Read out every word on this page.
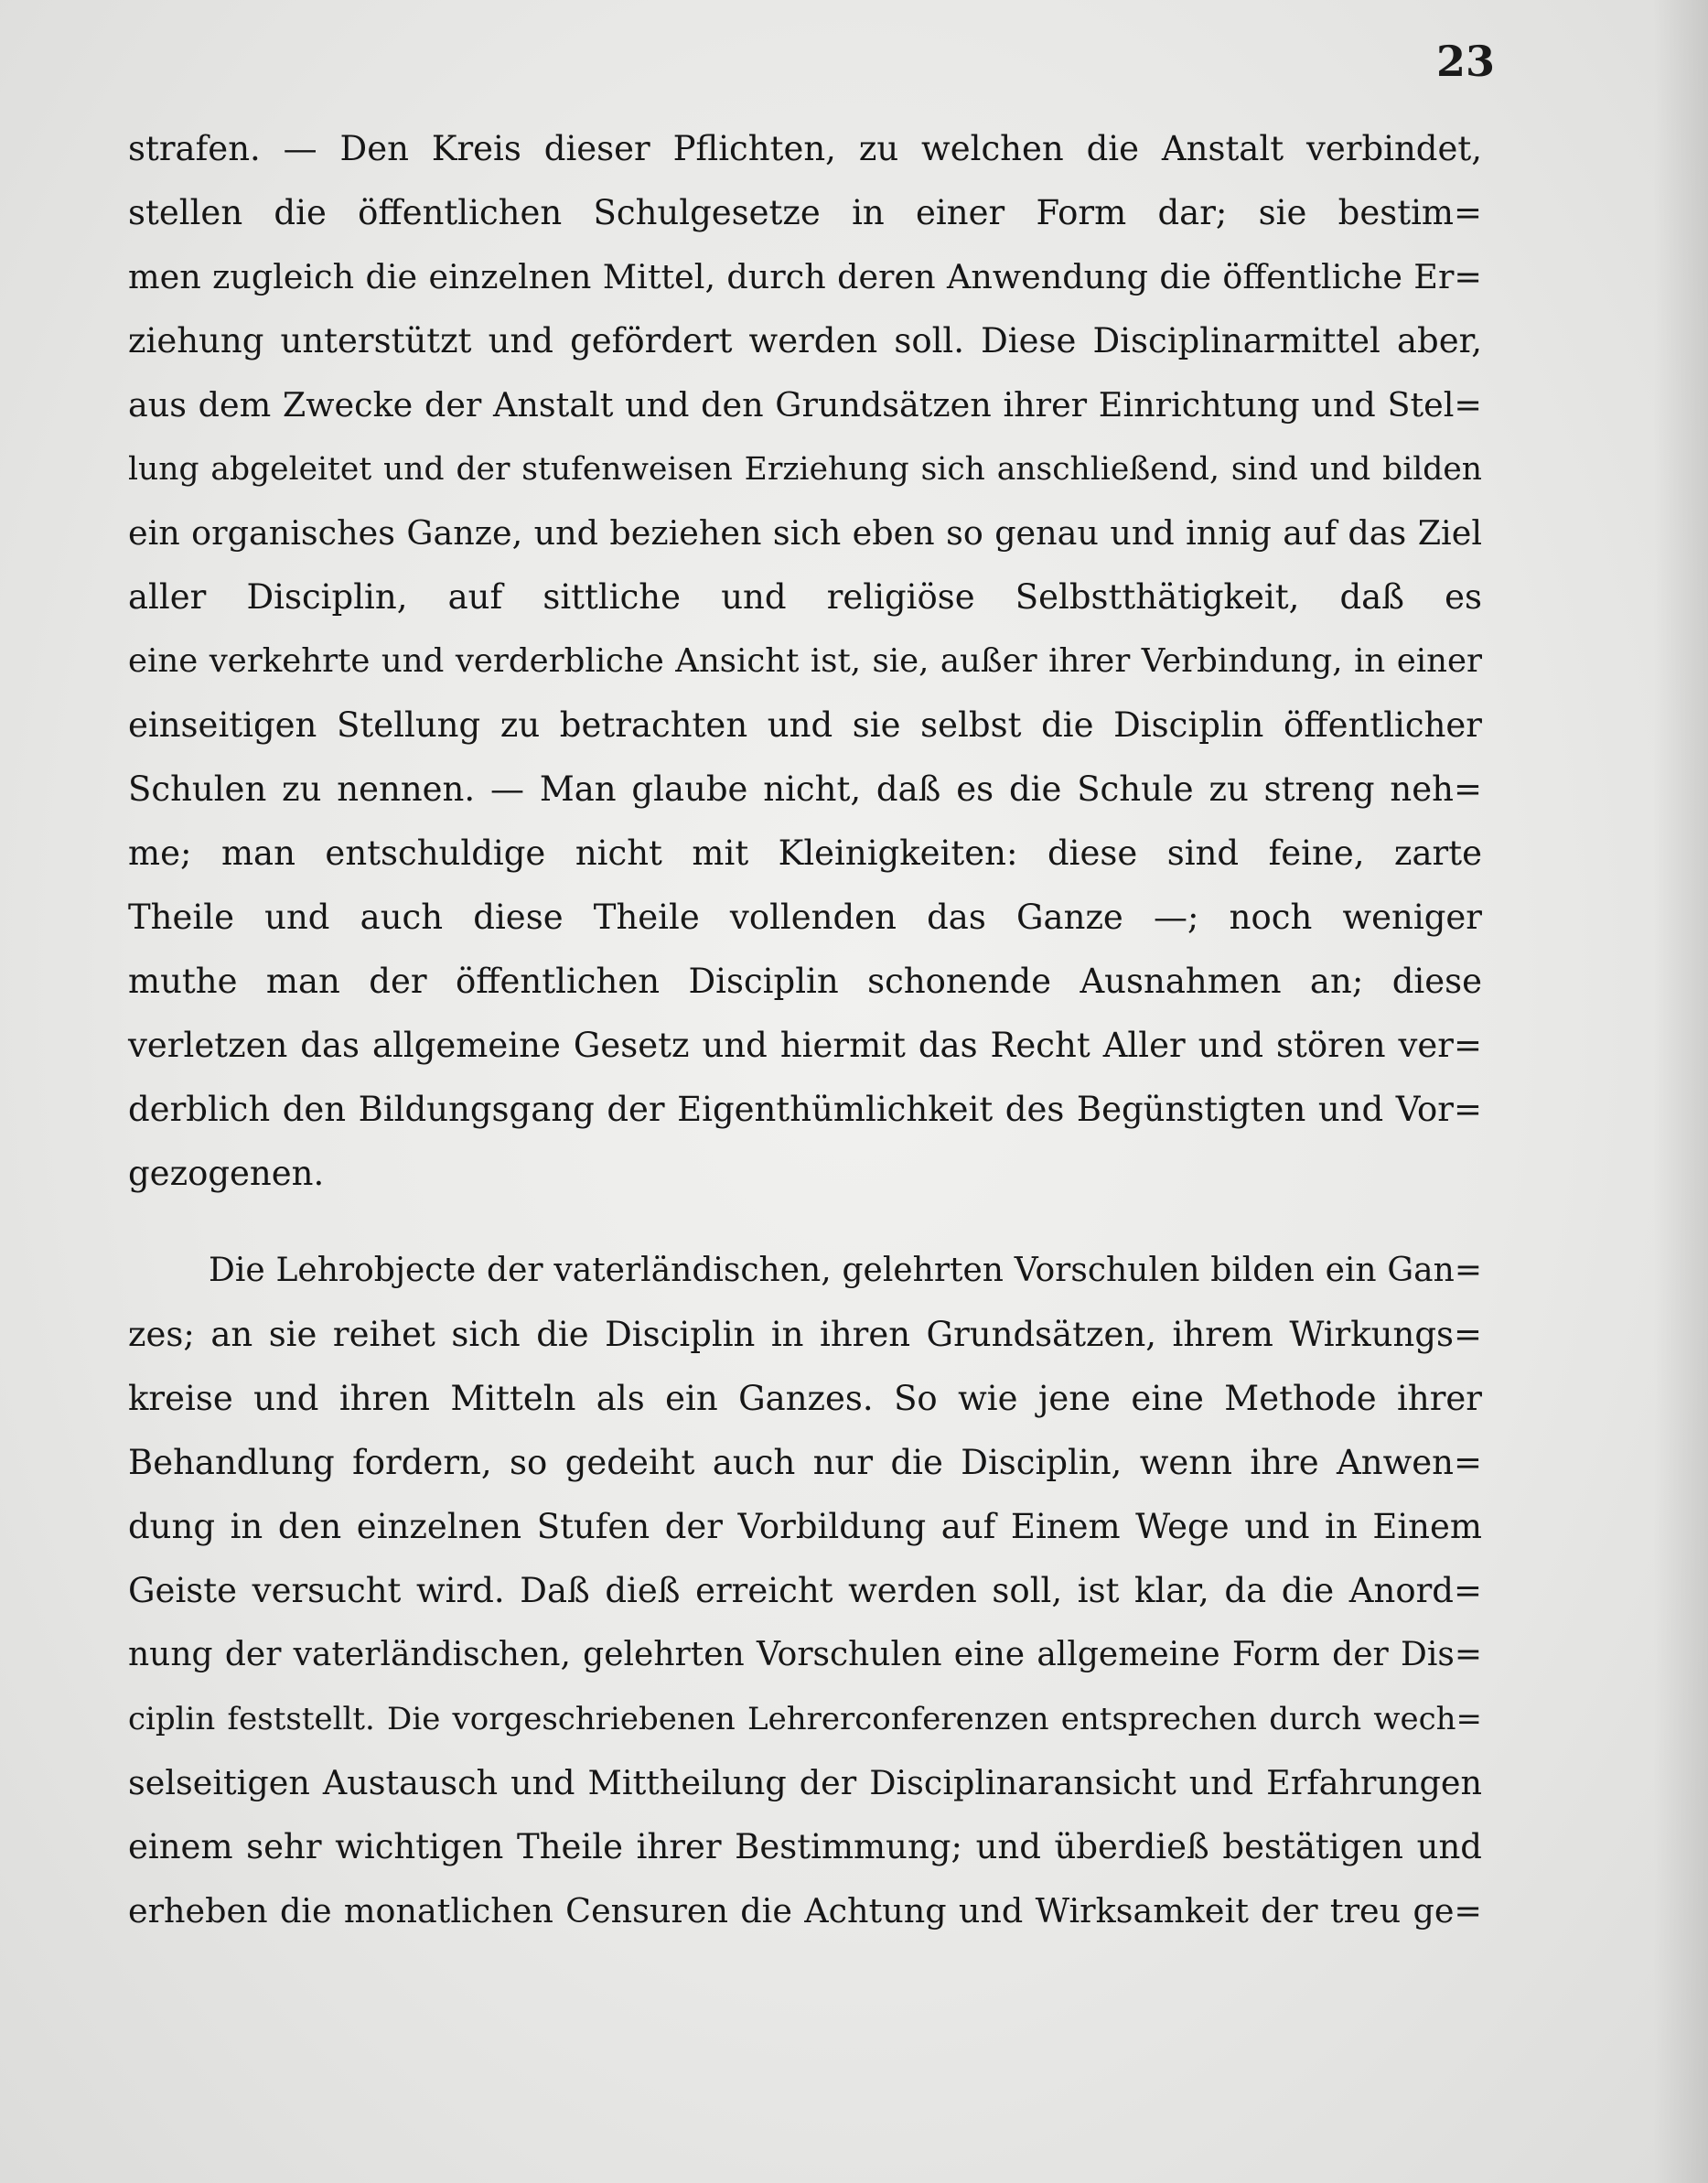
23

strafen. — Den Kreis dieser Pflichten, zu welchen die Anstalt verbindet,
stellen die öffentlichen Schulgesetze in einer Form dar; sie bestim=
men zugleich die einzelnen Mittel, durch deren Anwendung die öffentliche Er=
ziehung unterstützt und gefördert werden soll. Diese Disciplinarmittel aber,
aus dem Zwecke der Anstalt und den Grundsätzen ihrer Einrichtung und Stel=
lung abgeleitet und der stufenweisen Erziehung sich anschließend, sind und bilden
ein organisches Ganze, und beziehen sich eben so genau und innig auf das Ziel
aller Disciplin, auf sittliche und religiöse Selbstthätigkeit, daß es
eine verkehrte und verderbliche Ansicht ist, sie, außer ihrer Verbindung, in einer
einseitigen Stellung zu betrachten und sie selbst die Disciplin öffentlicher
Schulen zu nennen. — Man glaube nicht, daß es die Schule zu streng neh=
me; man entschuldige nicht mit Kleinigkeiten: diese sind feine, zarte
Theile und auch diese Theile vollenden das Ganze —; noch weniger
muthe man der öffentlichen Disciplin schonende Ausnahmen an; diese
verletzen das allgemeine Gesetz und hiermit das Recht Aller und stören ver=
derblich den Bildungsgang der Eigenthümlichkeit des Begünstigten und Vor=
gezogenen.
Die Lehrobjecte der vaterländischen, gelehrten Vorschulen bilden ein Gan=
zes; an sie reihet sich die Disciplin in ihren Grundsätzen, ihrem Wirkungs=
kreise und ihren Mitteln als ein Ganzes. So wie jene eine Methode ihrer
Behandlung fordern, so gedeiht auch nur die Disciplin, wenn ihre Anwen=
dung in den einzelnen Stufen der Vorbildung auf Einem Wege und in Einem
Geiste versucht wird. Daß dieß erreicht werden soll, ist klar, da die Anord=
nung der vaterländischen, gelehrten Vorschulen eine allgemeine Form der Dis=
ciplin feststellt. Die vorgeschriebenen Lehrerconferenzen entsprechen durch wech=
selseitigen Austausch und Mittheilung der Disciplinaransicht und Erfahrungen
einem sehr wichtigen Theile ihrer Bestimmung; und überdieß bestätigen und
erheben die monatlichen Censuren die Achtung und Wirksamkeit der treu ge=
